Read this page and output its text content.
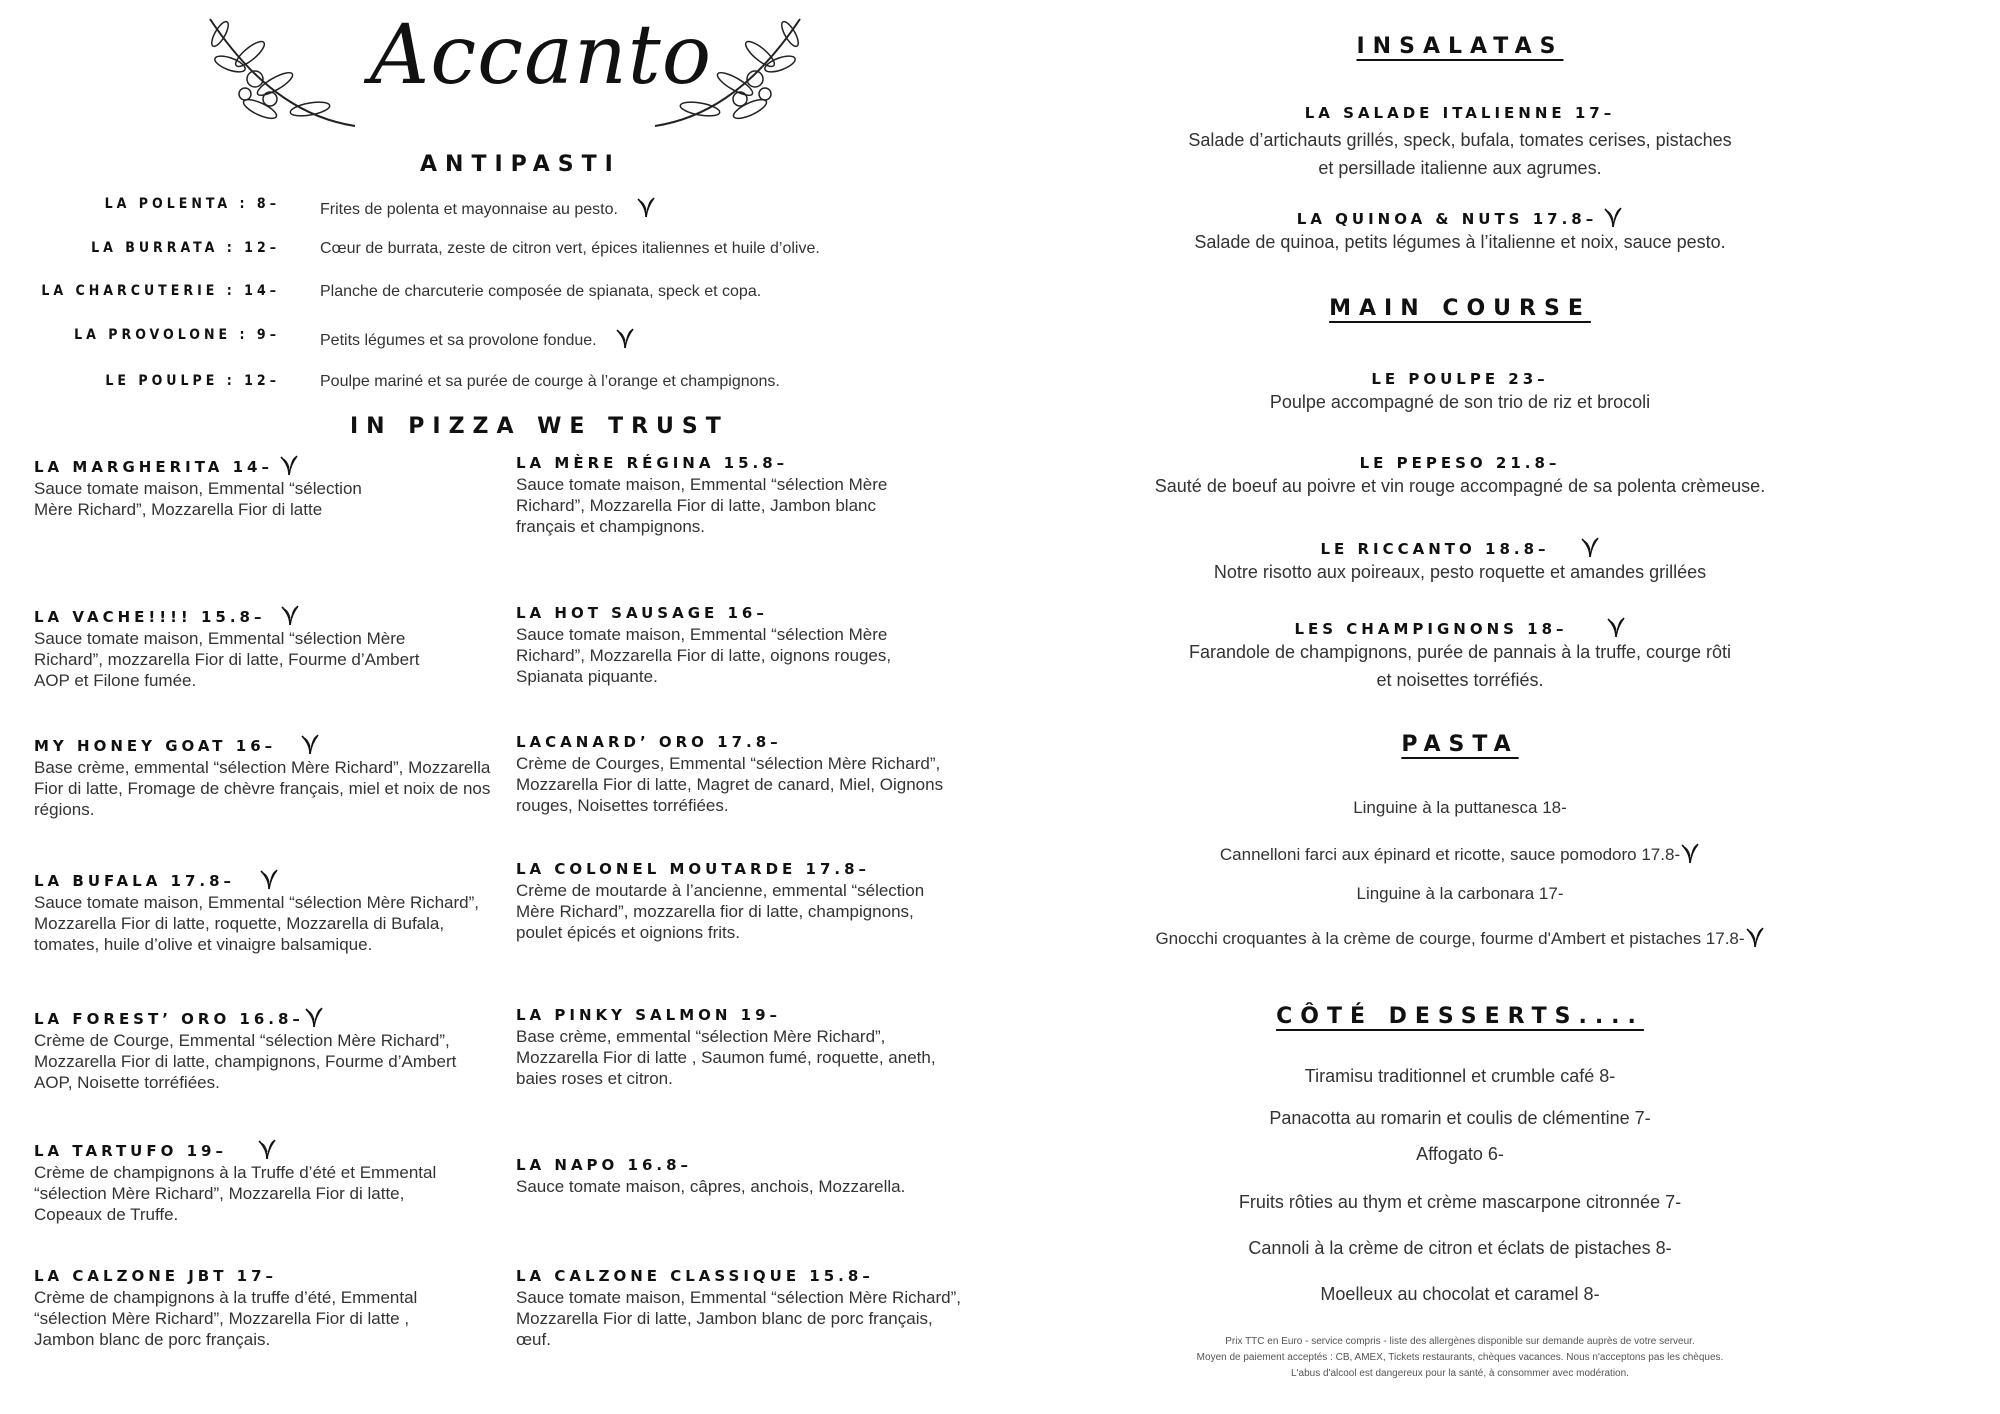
Accanto
ANTIPASTI
LA POLENTA : 8–	Frites de polenta et mayonnaise au pesto.
LA BURRATA : 12–	Cœur de burrata, zeste de citron vert, épices italiennes et huile d’olive.
LA CHARCUTERIE : 14–	Planche de charcuterie composée de spianata, speck et copa.
LA PROVOLONE : 9–	Petits légumes et sa provolone fondue.
LE POULPE : 12–	Poulpe mariné et sa purée de courge à l’orange et champignons.
IN PIZZA WE TRUST
LA MARGHERITA 14–
Sauce tomate maison, Emmental “sélection Mère Richard”, Mozzarella Fior di latte
LA VACHE!!!! 15.8–
Sauce tomate maison, Emmental “sélection Mère Richard”, mozzarella Fior di latte, Fourme d’Ambert AOP et Filone fumée.
MY HONEY GOAT 16–
Base crème, emmental “sélection Mère Richard”, Mozzarella Fior di latte, Fromage de chèvre français, miel et noix de nos régions.
LA BUFALA 17.8–
Sauce tomate maison, Emmental “sélection Mère Richard”, Mozzarella Fior di latte, roquette, Mozzarella di Bufala, tomates, huile d’olive et vinaigre balsamique.
LA FOREST’ ORO 16.8–
Crème de Courge, Emmental “sélection Mère Richard”, Mozzarella Fior di latte, champignons, Fourme d’Ambert AOP, Noisette torréfiées.
LA TARTUFO 19–
Crème de champignons à la Truffe d’été et Emmental “sélection Mère Richard”, Mozzarella Fior di latte, Copeaux de Truffe.
LA CALZONE JBT 17–
Crème de champignons à la truffe d’été, Emmental “sélection Mère Richard”, Mozzarella Fior di latte , Jambon blanc de porc français.
LA MÈRE RÉGINA 15.8–
Sauce tomate maison, Emmental “sélection Mère Richard”, Mozzarella Fior di latte, Jambon blanc français et champignons.
LA HOT SAUSAGE 16–
Sauce tomate maison, Emmental “sélection Mère Richard”, Mozzarella Fior di latte, oignons rouges, Spianata piquante.
LACANARD’ ORO 17.8–
Crème de Courges, Emmental “sélection Mère Richard”, Mozzarella Fior di latte, Magret de canard, Miel, Oignons rouges, Noisettes torréfiées.
LA COLONEL MOUTARDE 17.8–
Crème de moutarde à l’ancienne, emmental “sélection Mère Richard”, mozzarella fior di latte, champignons, poulet épicés et oignions frits.
LA PINKY SALMON 19–
Base crème, emmental “sélection Mère Richard”, Mozzarella Fior di latte , Saumon fumé, roquette, aneth, baies roses et citron.
LA NAPO 16.8–
Sauce tomate maison, câpres, anchois, Mozzarella.
LA CALZONE CLASSIQUE 15.8–
Sauce tomate maison, Emmental “sélection Mère Richard”, Mozzarella Fior di latte, Jambon blanc de porc français, œuf.
INSALATAS
LA SALADE ITALIENNE 17–
Salade d’artichauts grillés, speck, bufala, tomates cerises, pistaches et persillade italienne aux agrumes.
LA QUINOA & NUTS 17.8–
Salade de quinoa, petits légumes à l’italienne et noix, sauce pesto.
MAIN COURSE
LE POULPE 23–
Poulpe accompagné de son trio de riz et brocoli
LE PEPESO 21.8–
Sauté de boeuf au poivre et vin rouge accompagné de sa polenta crèmeuse.
LE RICCANTO 18.8–
Notre risotto aux poireaux, pesto roquette et amandes grillées
LES CHAMPIGNONS 18–
Farandole de champignons, purée de pannais à la truffe, courge rôti et noisettes torréfiés.
PASTA
Linguine à la puttanesca 18-
Cannelloni farci aux épinard et ricotte, sauce pomodoro 17.8-
Linguine à la carbonara 17-
Gnocchi croquantes à la crème de courge, fourme d'Ambert et pistaches 17.8-
CÔTÉ DESSERTS....
Tiramisu traditionnel et crumble café 8-
Panacotta au romarin et coulis de clémentine 7-
Affogato 6-
Fruits rôties au thym et crème mascarpone citronnée 7-
Cannoli à la crème de citron et éclats de pistaches 8-
Moelleux au chocolat et caramel 8-
Prix TTC en Euro - service compris - liste des allergènes disponible sur demande auprès de votre serveur.
Moyen de paiement acceptés : CB, AMEX, Tickets restaurants, chèques vacances. Nous n'acceptons pas les chèques.
L'abus d'alcool est dangereux pour la santé, à consommer avec modération.
